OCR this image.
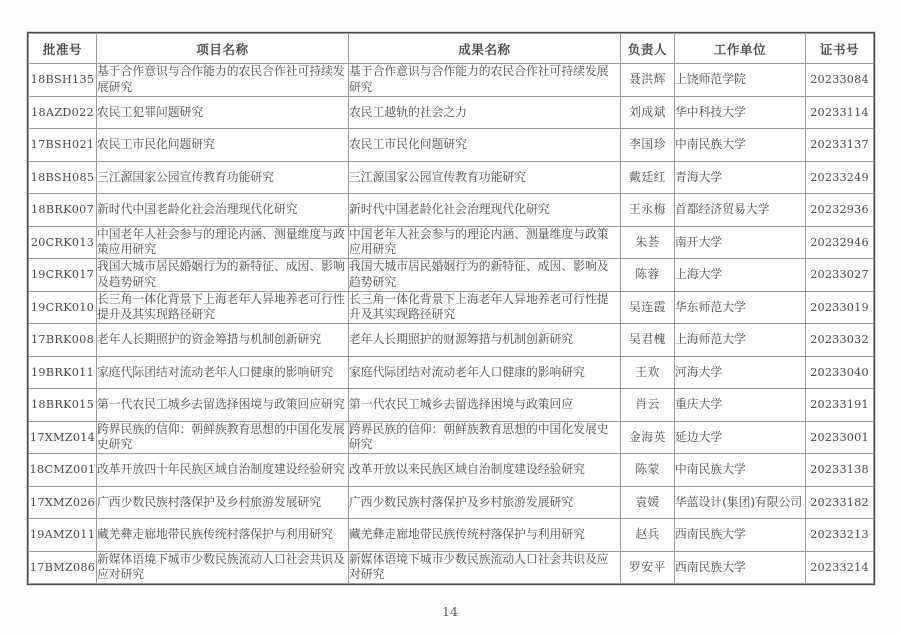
批准号	项目名称	成果名称	负责人	工作单位	证书号
18BSH135	基于合作意识与合作能力的农民合作社可持续发展研究	基于合作意识与合作能力的农民合作社可持续发展研究	聂洪辉	上饶师范学院	20233084
18AZD022	农民工犯罪问题研究	农民工越轨的社会之力	刘成斌	华中科技大学	20233114
17BSH021	农民工市民化问题研究	农民工市民化问题研究	李国珍	中南民族大学	20233137
18BSH085	三江源国家公园宣传教育功能研究	三江源国家公园宣传教育功能研究	戴廷红	青海大学	20233249
18BRK007	新时代中国老龄化社会治理现代化研究	新时代中国老龄化社会治理现代化研究	王永梅	首都经济贸易大学	20232936
20CRK013	中国老年人社会参与的理论内涵、测量维度与政策应用研究	中国老年人社会参与的理论内涵、测量维度与政策应用研究	朱荟	南开大学	20232946
19CRK017	我国大城市居民婚姻行为的新特征、成因、影响及趋势研究	我国大城市居民婚姻行为的新特征、成因、影响及趋势研究	陈蓉	上海大学	20233027
19CRK010	长三角一体化背景下上海老年人异地养老可行性提升及其实现路径研究	长三角一体化背景下上海老年人异地养老可行性提升及其实现路径研究	吴连霞	华东师范大学	20233019
17BRK008	老年人长期照护的资金筹措与机制创新研究	老年人长期照护的财源筹措与机制创新研究	吴君槐	上海师范大学	20233032
19BRK011	家庭代际团结对流动老年人口健康的影响研究	家庭代际团结对流动老年人口健康的影响研究	王欢	河海大学	20233040
18BRK015	第一代农民工城乡去留选择困境与政策回应研究	第一代农民工城乡去留选择困境与政策回应	肖云	重庆大学	20233191
17XMZ014	跨界民族的信仰：朝鲜族教育思想的中国化发展史研究	跨界民族的信仰：朝鲜族教育思想的中国化发展史研究	金海英	延边大学	20233001
18CMZ001	改革开放四十年民族区域自治制度建设经验研究	改革开放以来民族区域自治制度建设经验研究	陈蒙	中南民族大学	20233138
17XMZ026	广西少数民族村落保护及乡村旅游发展研究	广西少数民族村落保护及乡村旅游发展研究	袁媛	华蓝设计(集团)有限公司	20233182
19AMZ011	藏羌彝走廊地带民族传统村落保护与利用研究	藏羌彝走廊地带民族传统村落保护与利用研究	赵兵	西南民族大学	20233213
17BMZ086	新媒体语境下城市少数民族流动人口社会共识及应对研究	新媒体语境下城市少数民族流动人口社会共识及应对研究	罗安平	西南民族大学	20233214
14
